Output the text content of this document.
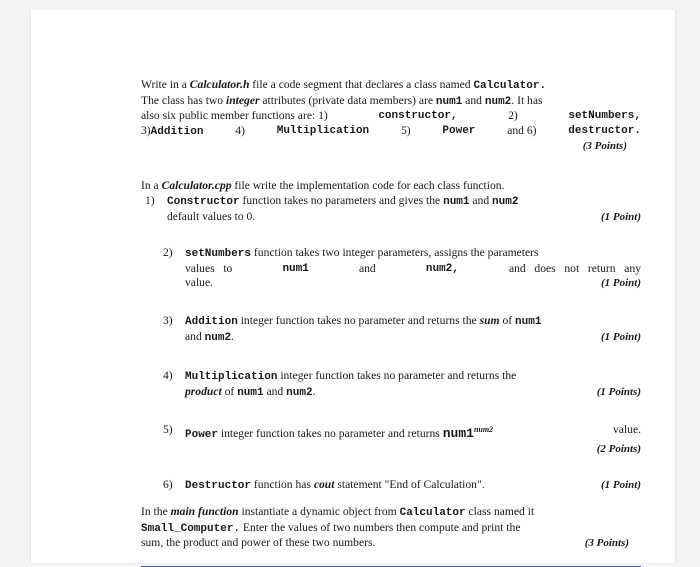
Write in a Calculator.h file a code segment that declares a class named Calculator.
The class has two integer attributes (private data members) are num1 and num2. It has
also six public member functions are: 1)	constructor,	2)	setNumbers,
3)Addition 4)	Multiplication 5)	Power and 6)	destructor.
(3 Points)
In a Calculator.cpp file write the implementation code for each class function.
1) Constructor function takes no parameters and gives the num1 and num2
default values to 0.	(1 Point)
2) setNumbers function takes two integer parameters, assigns the parameters
values   to	num1	and	num2,	and   does   not   return   any
value.	(1 Point)
3) Addition integer function takes no parameter and returns the sum of num1
and num2.	(1 Point)
4) Multiplication integer function takes no parameter and returns the
product of num1 and num2.	(1 Points)
5) Power integer function takes no parameter and returns $num1^{num2}$	value.
(2 Points)
6) Destructor function has cout statement "End of Calculation".	(1 Point)
In the main function instantiate a dynamic object from Calculator class named it
Small_Computer. Enter the values of two numbers then compute and print the
sum, the product and power of these two numbers.	(3 Points)
